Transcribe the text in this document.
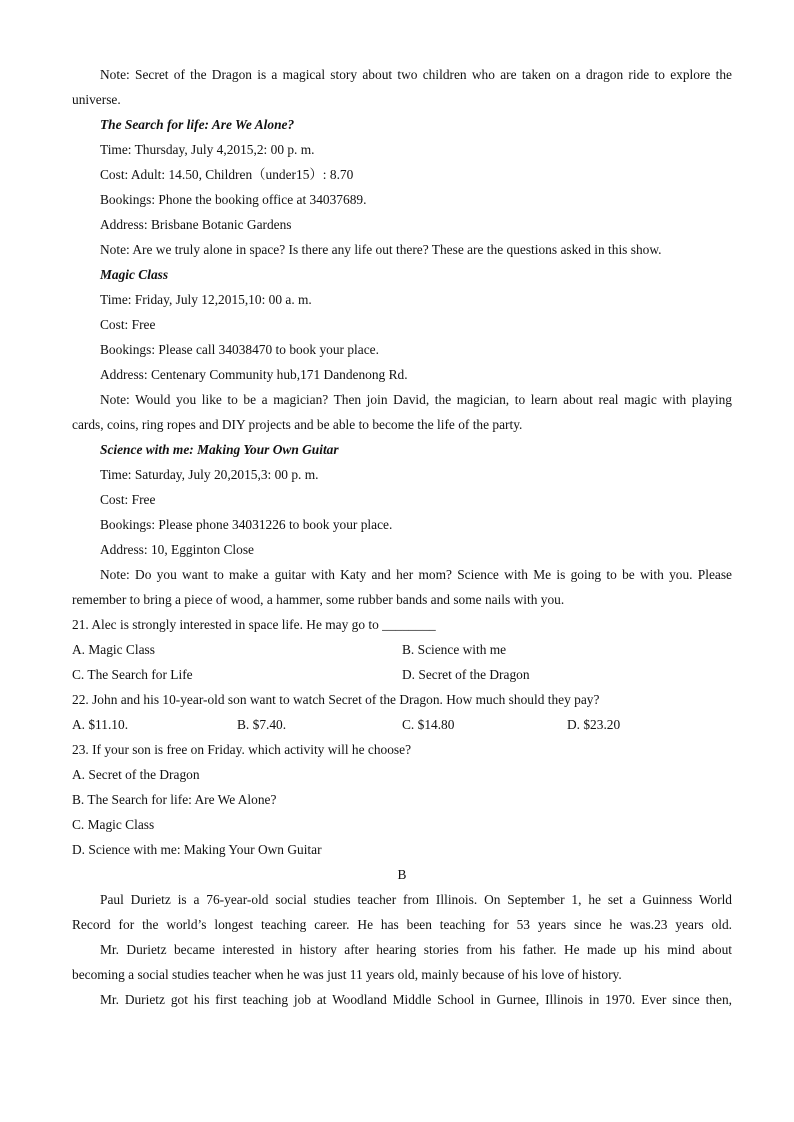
Note: Secret of the Dragon is a magical story about two children who are taken on a dragon ride to explore the
universe.
The Search for life: Are We Alone?
Time: Thursday, July 4,2015,2: 00 p. m.
Cost: Adult: 14.50, Children（under15）: 8.70
Bookings: Phone the booking office at 34037689.
Address: Brisbane Botanic Gardens
Note: Are we truly alone in space? Is there any life out there? These are the questions asked in this show.
Magic Class
Time: Friday, July 12,2015,10: 00 a. m.
Cost: Free
Bookings: Please call 34038470 to book your place.
Address: Centenary Community hub,171 Dandenong Rd.
Note: Would you like to be a magician? Then join David, the magician, to learn about real magic with playing
cards, coins, ring ropes and DIY projects and be able to become the life of the party.
Science with me: Making Your Own Guitar
Time: Saturday, July 20,2015,3: 00 p. m.
Cost: Free
Bookings: Please phone 34031226 to book your place.
Address: 10, Egginton Close
Note: Do you want to make a guitar with Katy and her mom? Science with Me is going to be with you. Please
remember to bring a piece of wood, a hammer, some rubber bands and some nails with you.
21. Alec is strongly interested in space life. He may go to ________
A. Magic Class	B. Science with me
C. The Search for Life	D. Secret of the Dragon
22. John and his 10-year-old son want to watch Secret of the Dragon. How much should they pay?
A. $11.10.	B. $7.40.	C. $14.80	D. $23.20
23. If your son is free on Friday. which activity will he choose?
A. Secret of the Dragon
B. The Search for life: Are We Alone?
C. Magic Class
D. Science with me: Making Your Own Guitar
B
Paul Durietz is a 76-year-old social studies teacher from Illinois. On September 1, he set a Guinness World
Record for the world’s longest teaching career. He has been teaching for 53 years since he was.23 years old.
Mr. Durietz became interested in history after hearing stories from his father. He made up his mind about
becoming a social studies teacher when he was just 11 years old, mainly because of his love of history.
Mr. Durietz got his first teaching job at Woodland Middle School in Gurnee, Illinois in 1970. Ever since then,
